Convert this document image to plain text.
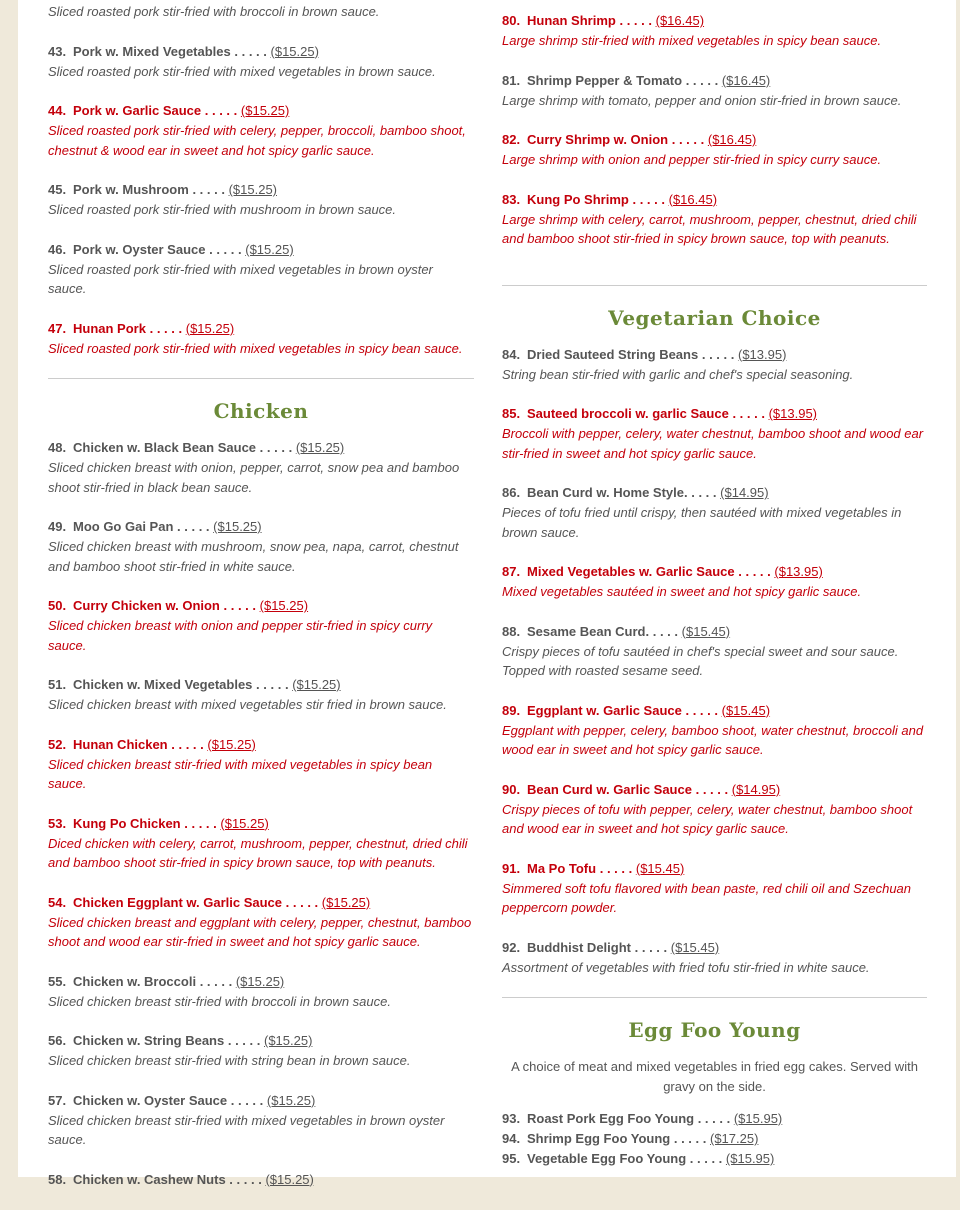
Sliced roasted pork stir-fried with broccoli in brown sauce.
43. Pork w. Mixed Vegetables . . . . . ($15.25)
Sliced roasted pork stir-fried with mixed vegetables in brown sauce.
44. Pork w. Garlic Sauce . . . . . ($15.25)
Sliced roasted pork stir-fried with celery, pepper, broccoli, bamboo shoot, chestnut & wood ear in sweet and hot spicy garlic sauce.
45. Pork w. Mushroom . . . . . ($15.25)
Sliced roasted pork stir-fried with mushroom in brown sauce.
46. Pork w. Oyster Sauce . . . . . ($15.25)
Sliced roasted pork stir-fried with mixed vegetables in brown oyster sauce.
47. Hunan Pork . . . . . ($15.25)
Sliced roasted pork stir-fried with mixed vegetables in spicy bean sauce.
Chicken
48. Chicken w. Black Bean Sauce . . . . . ($15.25)
Sliced chicken breast with onion, pepper, carrot, snow pea and bamboo shoot stir-fried in black bean sauce.
49. Moo Go Gai Pan . . . . . ($15.25)
Sliced chicken breast with mushroom, snow pea, napa, carrot, chestnut and bamboo shoot stir-fried in white sauce.
50. Curry Chicken w. Onion . . . . . ($15.25)
Sliced chicken breast with onion and pepper stir-fried in spicy curry sauce.
51. Chicken w. Mixed Vegetables . . . . . ($15.25)
Sliced chicken breast with mixed vegetables stir fried in brown sauce.
52. Hunan Chicken . . . . . ($15.25)
Sliced chicken breast stir-fried with mixed vegetables in spicy bean sauce.
53. Kung Po Chicken . . . . . ($15.25)
Diced chicken with celery, carrot, mushroom, pepper, chestnut, dried chili and bamboo shoot stir-fried in spicy brown sauce, top with peanuts.
54. Chicken Eggplant w. Garlic Sauce . . . . . ($15.25)
Sliced chicken breast and eggplant with celery, pepper, chestnut, bamboo shoot and wood ear stir-fried in sweet and hot spicy garlic sauce.
55. Chicken w. Broccoli . . . . . ($15.25)
Sliced chicken breast stir-fried with broccoli in brown sauce.
56. Chicken w. String Beans . . . . . ($15.25)
Sliced chicken breast stir-fried with string bean in brown sauce.
57. Chicken w. Oyster Sauce . . . . . ($15.25)
Sliced chicken breast stir-fried with mixed vegetables in brown oyster sauce.
58. Chicken w. Cashew Nuts . . . . . ($15.25)
80. Hunan Shrimp . . . . . ($16.45)
Large shrimp stir-fried with mixed vegetables in spicy bean sauce.
81. Shrimp Pepper & Tomato . . . . . ($16.45)
Large shrimp with tomato, pepper and onion stir-fried in brown sauce.
82. Curry Shrimp w. Onion . . . . . ($16.45)
Large shrimp with onion and pepper stir-fried in spicy curry sauce.
83. Kung Po Shrimp . . . . . ($16.45)
Large shrimp with celery, carrot, mushroom, pepper, chestnut, dried chili and bamboo shoot stir-fried in spicy brown sauce, top with peanuts.
Vegetarian Choice
84. Dried Sauteed String Beans . . . . . ($13.95)
String bean stir-fried with garlic and chef's special seasoning.
85. Sauteed broccoli w. garlic Sauce . . . . . ($13.95)
Broccoli with pepper, celery, water chestnut, bamboo shoot and wood ear stir-fried in sweet and hot spicy garlic sauce.
86. Bean Curd w. Home Style. . . . . ($14.95)
Pieces of tofu fried until crispy, then sautéed with mixed vegetables in brown sauce.
87. Mixed Vegetables w. Garlic Sauce . . . . . ($13.95)
Mixed vegetables sautéed in sweet and hot spicy garlic sauce.
88. Sesame Bean Curd. . . . . ($15.45)
Crispy pieces of tofu sautéed in chef's special sweet and sour sauce. Topped with roasted sesame seed.
89. Eggplant w. Garlic Sauce . . . . . ($15.45)
Eggplant with pepper, celery, bamboo shoot, water chestnut, broccoli and wood ear in sweet and hot spicy garlic sauce.
90. Bean Curd w. Garlic Sauce . . . . . ($14.95)
Crispy pieces of tofu with pepper, celery, water chestnut, bamboo shoot and wood ear in sweet and hot spicy garlic sauce.
91. Ma Po Tofu . . . . . ($15.45)
Simmered soft tofu flavored with bean paste, red chili oil and Szechuan peppercorn powder.
92. Buddhist Delight . . . . . ($15.45)
Assortment of vegetables with fried tofu stir-fried in white sauce.
Egg Foo Young
A choice of meat and mixed vegetables in fried egg cakes. Served with gravy on the side.
93. Roast Pork Egg Foo Young . . . . . ($15.95)
94. Shrimp Egg Foo Young . . . . . ($17.25)
95. Vegetable Egg Foo Young . . . . . ($15.95)
